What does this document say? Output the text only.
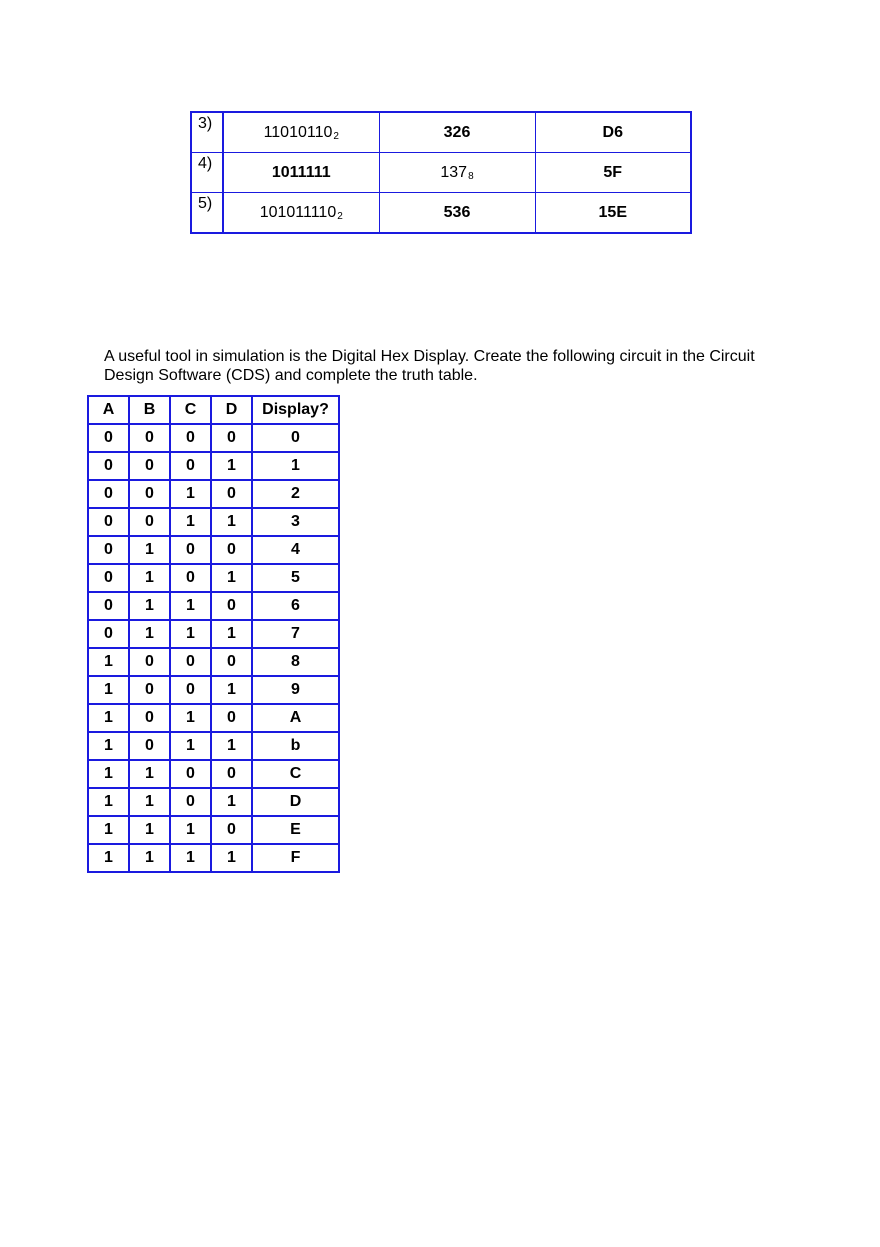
3)	$11010110_2$	326	D6
4)	1011111	$137_8$	5F
5)	$101011110_2$	536	15E

A useful tool in simulation is the Digital Hex Display. Create the following circuit in the Circuit Design Software (CDS) and complete the truth table.

A	B	C	D	Display?
0	0	0	0	0
0	0	0	1	1
0	0	1	0	2
0	0	1	1	3
0	1	0	0	4
0	1	0	1	5
0	1	1	0	6
0	1	1	1	7
1	0	0	0	8
1	0	0	1	9
1	0	1	0	A
1	0	1	1	b
1	1	0	0	C
1	1	0	1	D
1	1	1	0	E
1	1	1	1	F
